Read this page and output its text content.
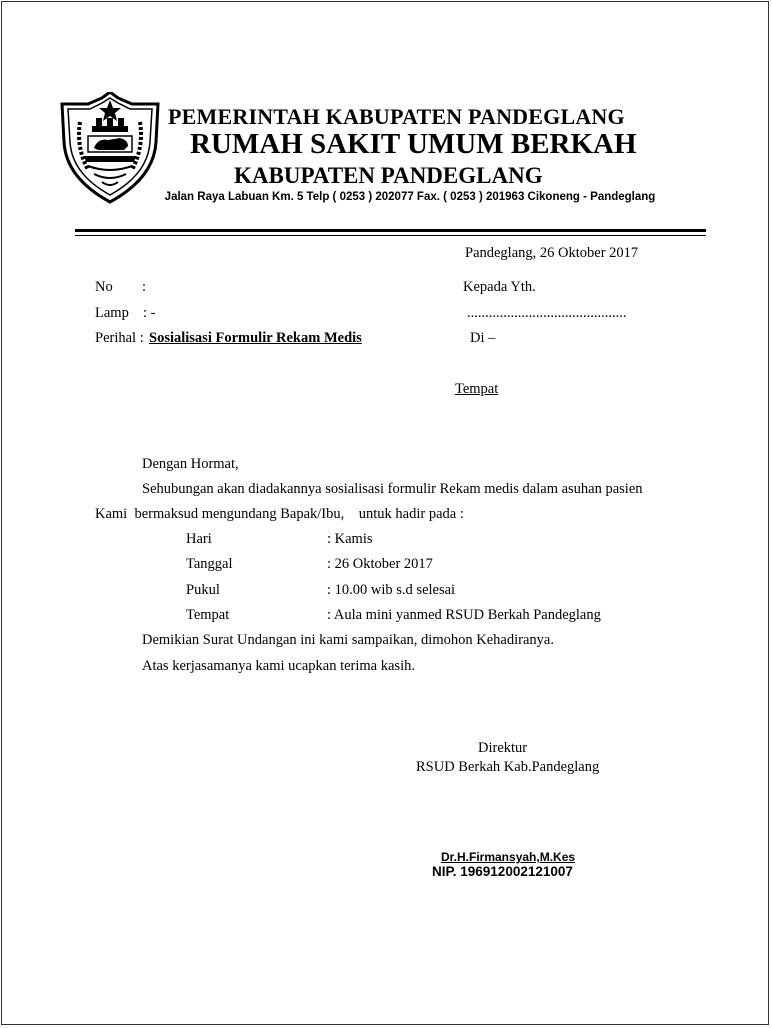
PEMERINTAH KABUPATEN PANDEGLANG
RUMAH SAKIT UMUM BERKAH
KABUPATEN PANDEGLANG
Jalan Raya Labuan Km. 5 Telp ( 0253 ) 202077 Fax. ( 0253 ) 201963 Cikoneng - Pandeglang
Pandeglang, 26 Oktober 2017
No :
Lamp : -
Perihal : Sosialisasi Formulir Rekam Medis
Kepada Yth.
............................................
Di –
Tempat
Dengan Hormat,
Sehubungan akan diadakannya sosialisasi formulir Rekam medis dalam asuhan pasien
Kami  bermaksud mengundang Bapak/Ibu,    untuk hadir pada :
Hari	: Kamis
Tanggal	: 26 Oktober 2017
Pukul	: 10.00 wib s.d selesai
Tempat	: Aula mini yanmed RSUD Berkah Pandeglang
Demikian Surat Undangan ini kami sampaikan, dimohon Kehadiranya.
Atas kerjasamanya kami ucapkan terima kasih.
Direktur
RSUD Berkah Kab.Pandeglang
Dr.H.Firmansyah,M.Kes
NIP. 196912002121007
